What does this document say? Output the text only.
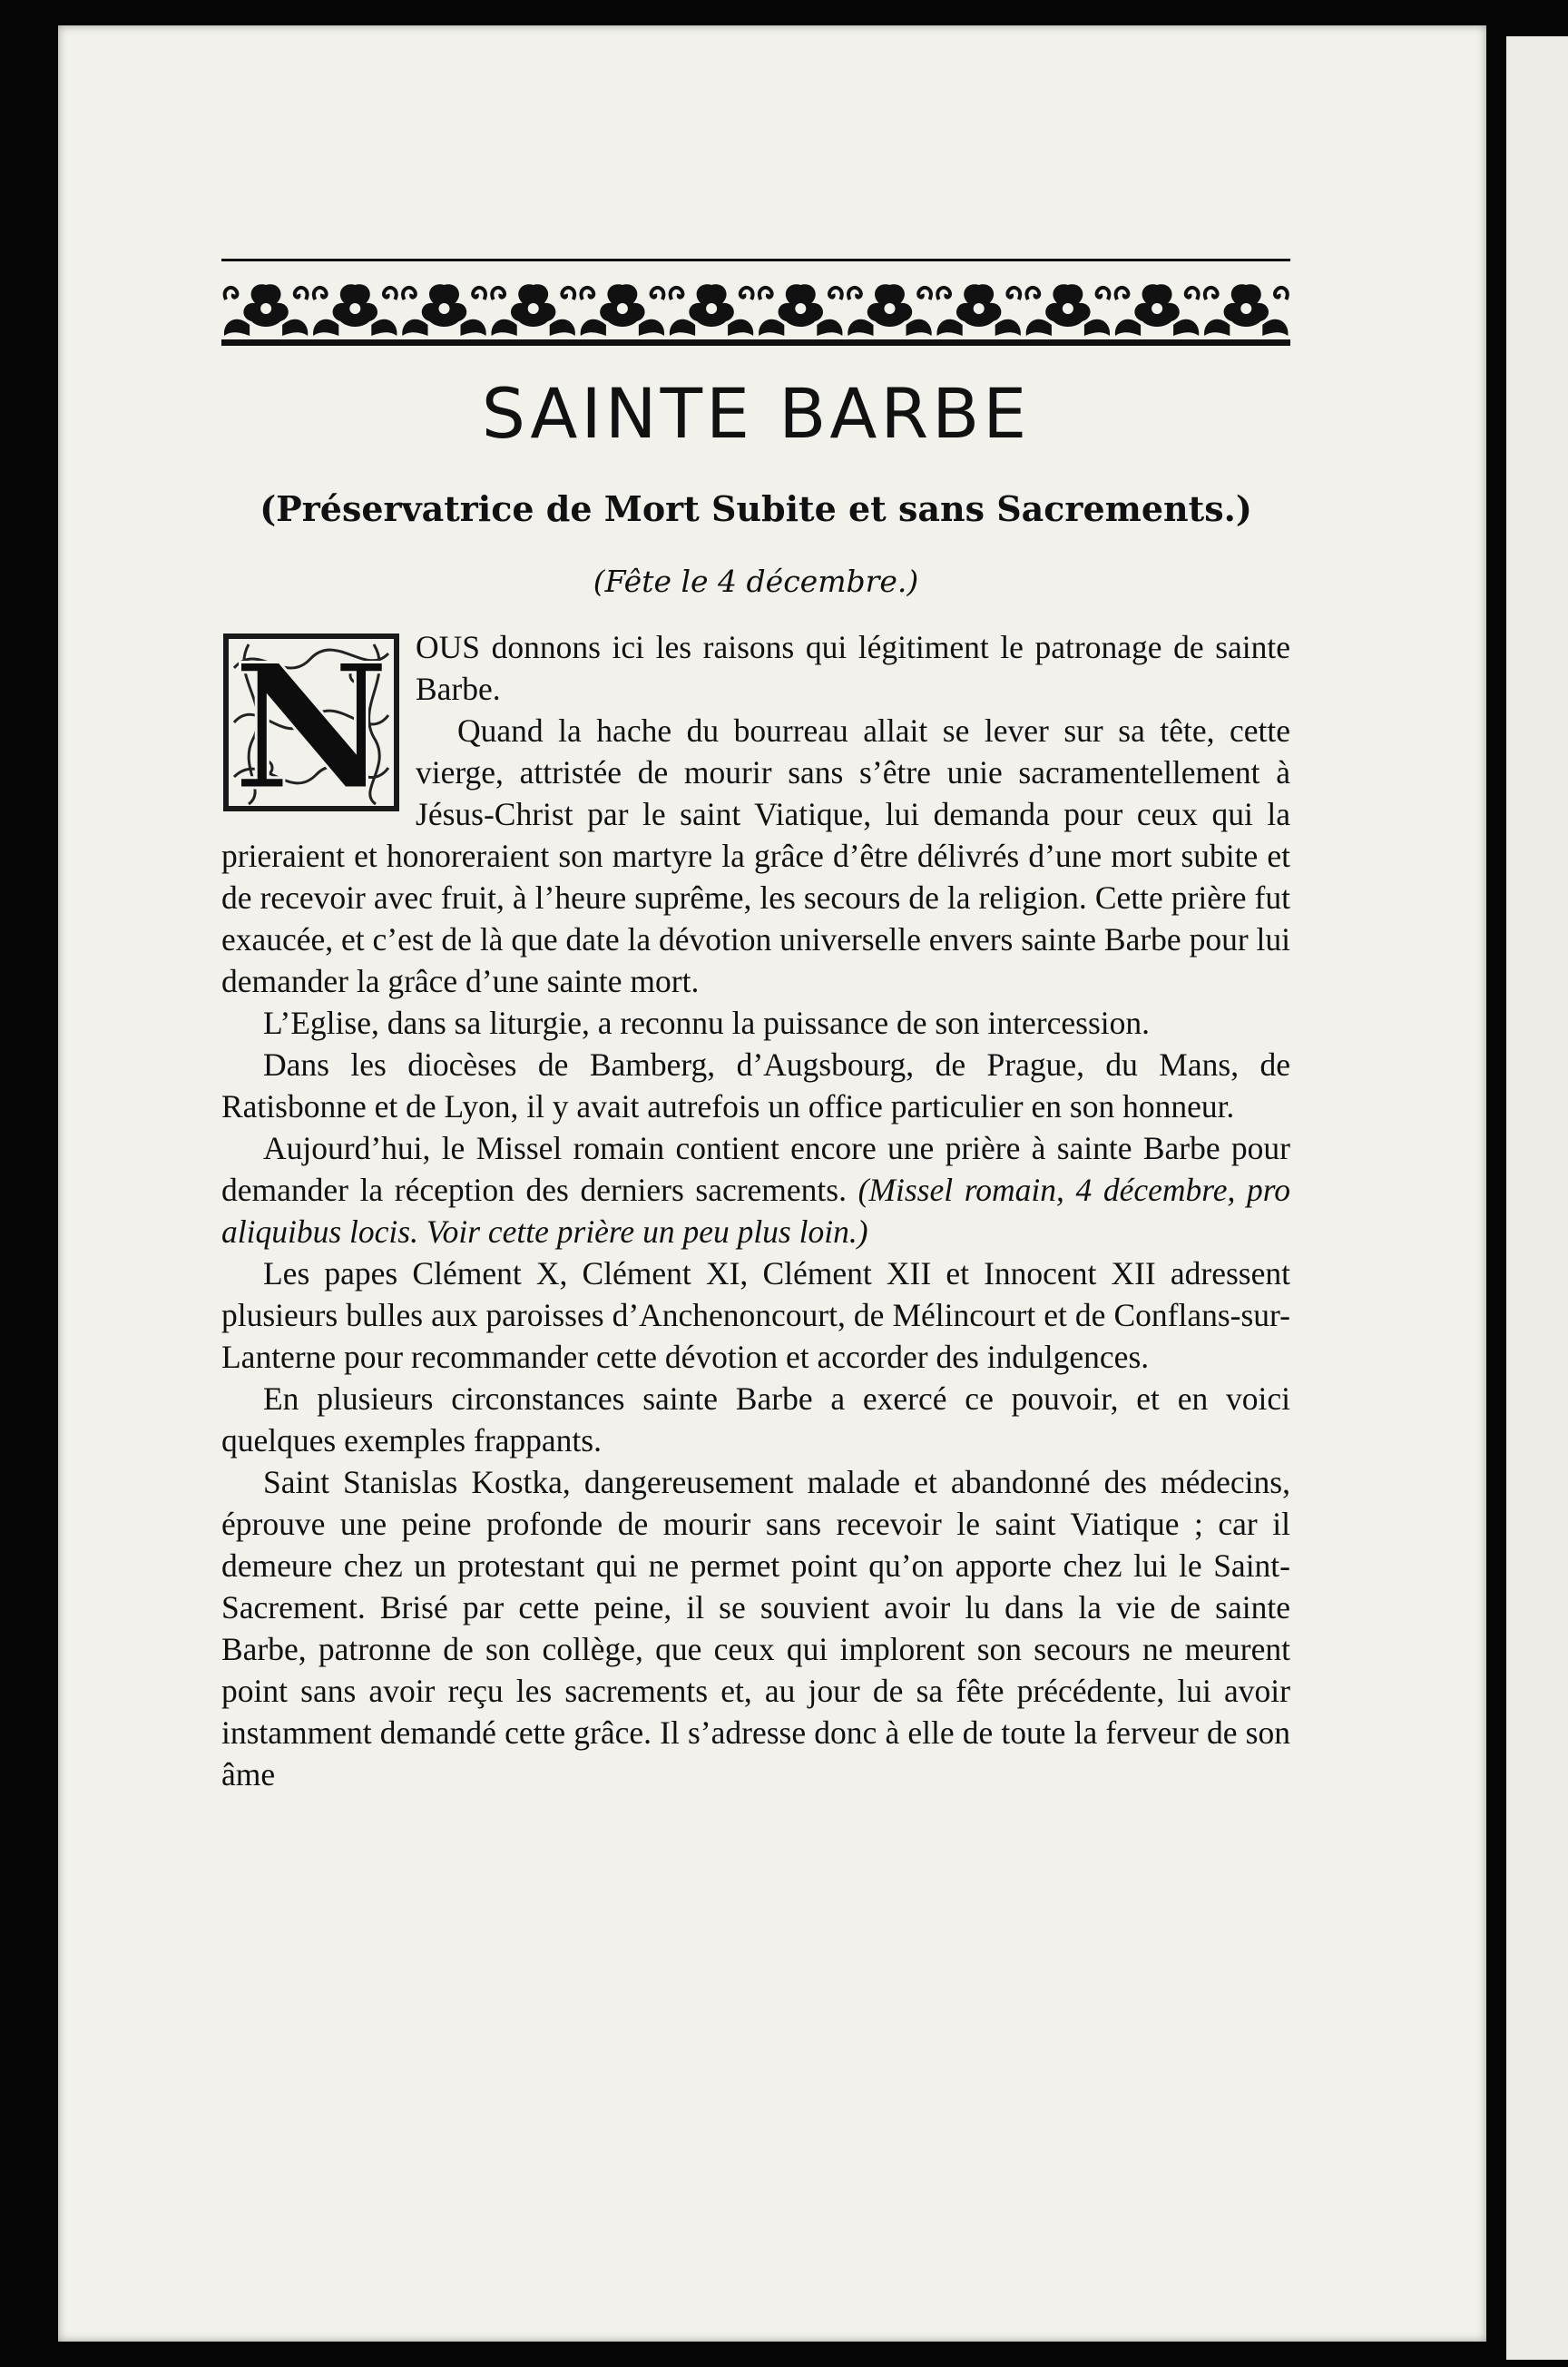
SAINTE BARBE
(Préservatrice de Mort Subite et sans Sacrements.)
(Fête le 4 décembre.)
N OUS donnons ici les raisons qui légitiment le patronage de sainte Barbe.

Quand la hache du bourreau allait se lever sur sa tête, cette vierge, attristée de mourir sans s’être unie sacramentellement à Jésus-Christ par le saint Viatique, lui demanda pour ceux qui la prieraient et honoreraient son martyre la grâce d’être délivrés d’une mort subite et de recevoir avec fruit, à l’heure suprême, les secours de la religion. Cette prière fut exaucée, et c’est de là que date la dévotion universelle envers sainte Barbe pour lui demander la grâce d’une sainte mort.

L’Eglise, dans sa liturgie, a reconnu la puissance de son intercession.

Dans les diocèses de Bamberg, d’Augsbourg, de Prague, du Mans, de Ratisbonne et de Lyon, il y avait autrefois un office particulier en son honneur.

Aujourd’hui, le Missel romain contient encore une prière à sainte Barbe pour demander la réception des derniers sacrements. (Missel romain, 4 décembre, pro aliquibus locis. Voir cette prière un peu plus loin.)

Les papes Clément X, Clément XI, Clément XII et Innocent XII adressent plusieurs bulles aux paroisses d’Anchenoncourt, de Mélincourt et de Conflans-sur-Lanterne pour recommander cette dévotion et accorder des indulgences.

En plusieurs circonstances sainte Barbe a exercé ce pouvoir, et en voici quelques exemples frappants.

Saint Stanislas Kostka, dangereusement malade et abandonné des médecins, éprouve une peine profonde de mourir sans recevoir le saint Viatique ; car il demeure chez un protestant qui ne permet point qu’on apporte chez lui le Saint-Sacrement. Brisé par cette peine, il se souvient avoir lu dans la vie de sainte Barbe, patronne de son collège, que ceux qui implorent son secours ne meurent point sans avoir reçu les sacrements et, au jour de sa fête précédente, lui avoir instamment demandé cette grâce. Il s’adresse donc à elle de toute la ferveur de son âme
